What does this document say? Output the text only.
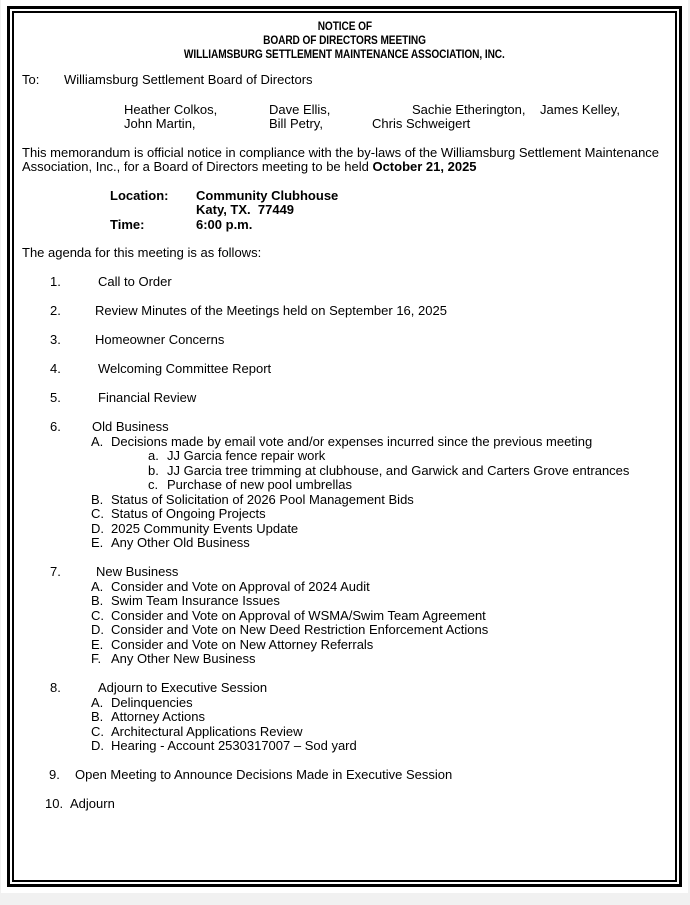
NOTICE OF
BOARD OF DIRECTORS MEETING
WILLIAMSBURG SETTLEMENT MAINTENANCE ASSOCIATION, INC.

To:

Williamsburg Settlement Board of Directors

Heather Colkos,	Dave Ellis,	Sachie Etherington, James Kelley,
John Martin,	Bill Petry,	Chris Schweigert

This memorandum is official notice in compliance with the by-laws of the Williamsburg Settlement Maintenance

Association, Inc., for a Board of Directors meeting to be held October 21, 2025

Location:

Community Clubhouse

Katy, TX.  77449

Time:

	6:00 p.m.

The agenda for this meeting is as follows:

1.	Call to Order
2.	Review Minutes of the Meetings held on September 16, 2025
3.	Homeowner Concerns
4.	Welcoming Committee Report
5.	Financial Review
6. Old Business
A. Decisions made by email vote and/or expenses incurred since the previous meeting
a. JJ Garcia fence repair work
b. JJ Garcia tree trimming at clubhouse, and Garwick and Carters Grove entrances
c. Purchase of new pool umbrellas
B. Status of Solicitation of 2026 Pool Management Bids
C. Status of Ongoing Projects
D. 2025 Community Events Update
E. Any Other Old Business
7.	New Business
A. Consider and Vote on Approval of 2024 Audit
B. Swim Team Insurance Issues
C. Consider and Vote on Approval of WSMA/Swim Team Agreement
D. Consider and Vote on New Deed Restriction Enforcement Actions
E. Consider and Vote on New Attorney Referrals
F. Any Other New Business
8.	Adjourn to Executive Session
A. Delinquencies
B. Attorney Actions
C. Architectural Applications Review
D. Hearing - Account 2530317007 – Sod yard
9. Open Meeting to Announce Decisions Made in Executive Session
10. Adjourn
